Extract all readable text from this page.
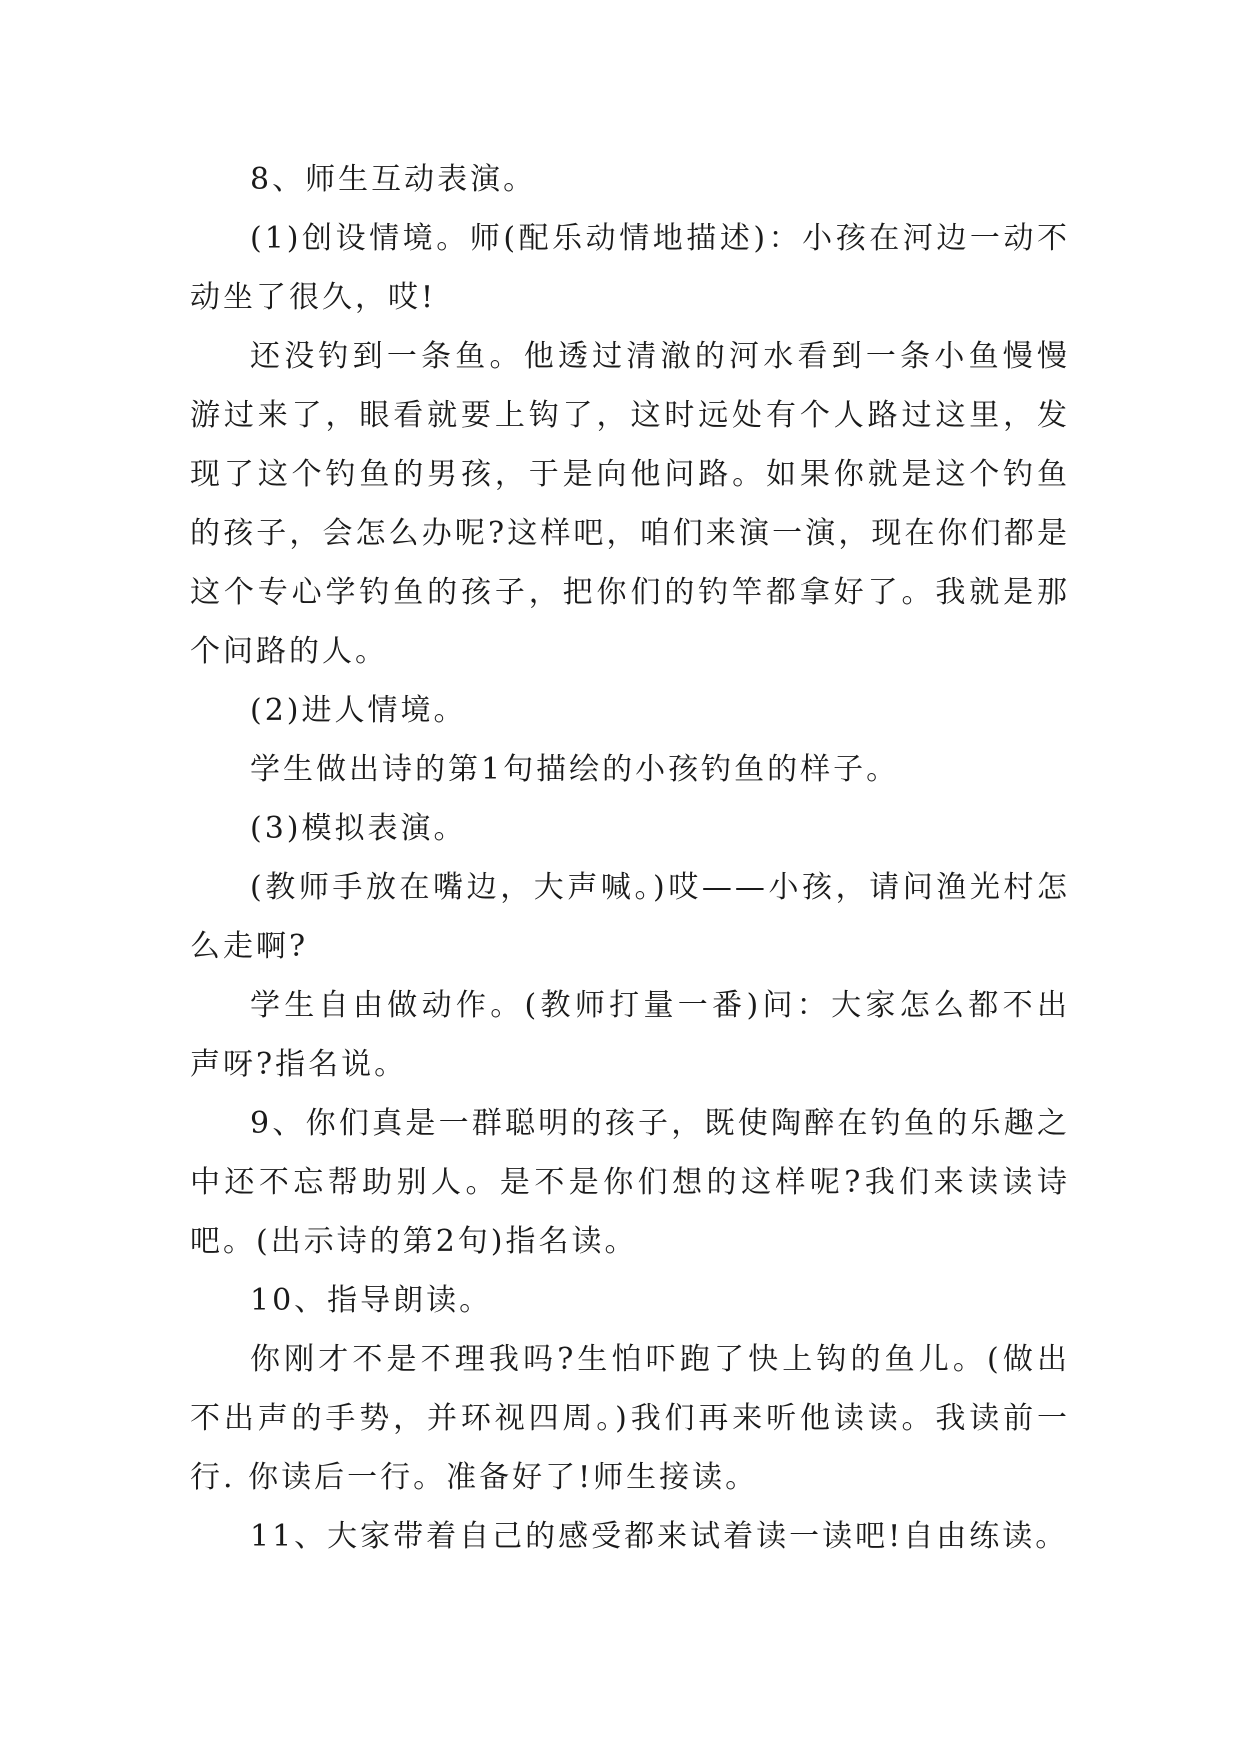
8、师生互动表演。

(1)创设情境。师(配乐动情地描述)：小孩在河边一动不动坐了很久，哎!

还没钓到一条鱼。他透过清澈的河水看到一条小鱼慢慢游过来了，眼看就要上钩了，这时远处有个人路过这里，发现了这个钓鱼的男孩，于是向他问路。如果你就是这个钓鱼的孩子，会怎么办呢?这样吧，咱们来演一演，现在你们都是这个专心学钓鱼的孩子，把你们的钓竿都拿好了。我就是那个问路的人。

(2)进人情境。

学生做出诗的第1句描绘的小孩钓鱼的样子。

(3)模拟表演。

(教师手放在嘴边，大声喊。)哎——小孩，请问渔光村怎么走啊?

学生自由做动作。(教师打量一番)问：大家怎么都不出声呀?指名说。

9、你们真是一群聪明的孩子，既使陶醉在钓鱼的乐趣之中还不忘帮助别人。是不是你们想的这样呢?我们来读读诗吧。(出示诗的第2句)指名读。

10、指导朗读。

你刚才不是不理我吗?生怕吓跑了快上钩的鱼儿。(做出不出声的手势，并环视四周。)我们再来听他读读。我读前一行. 你读后一行。准备好了!师生接读。

11、大家带着自己的感受都来试着读一读吧!自由练读。
